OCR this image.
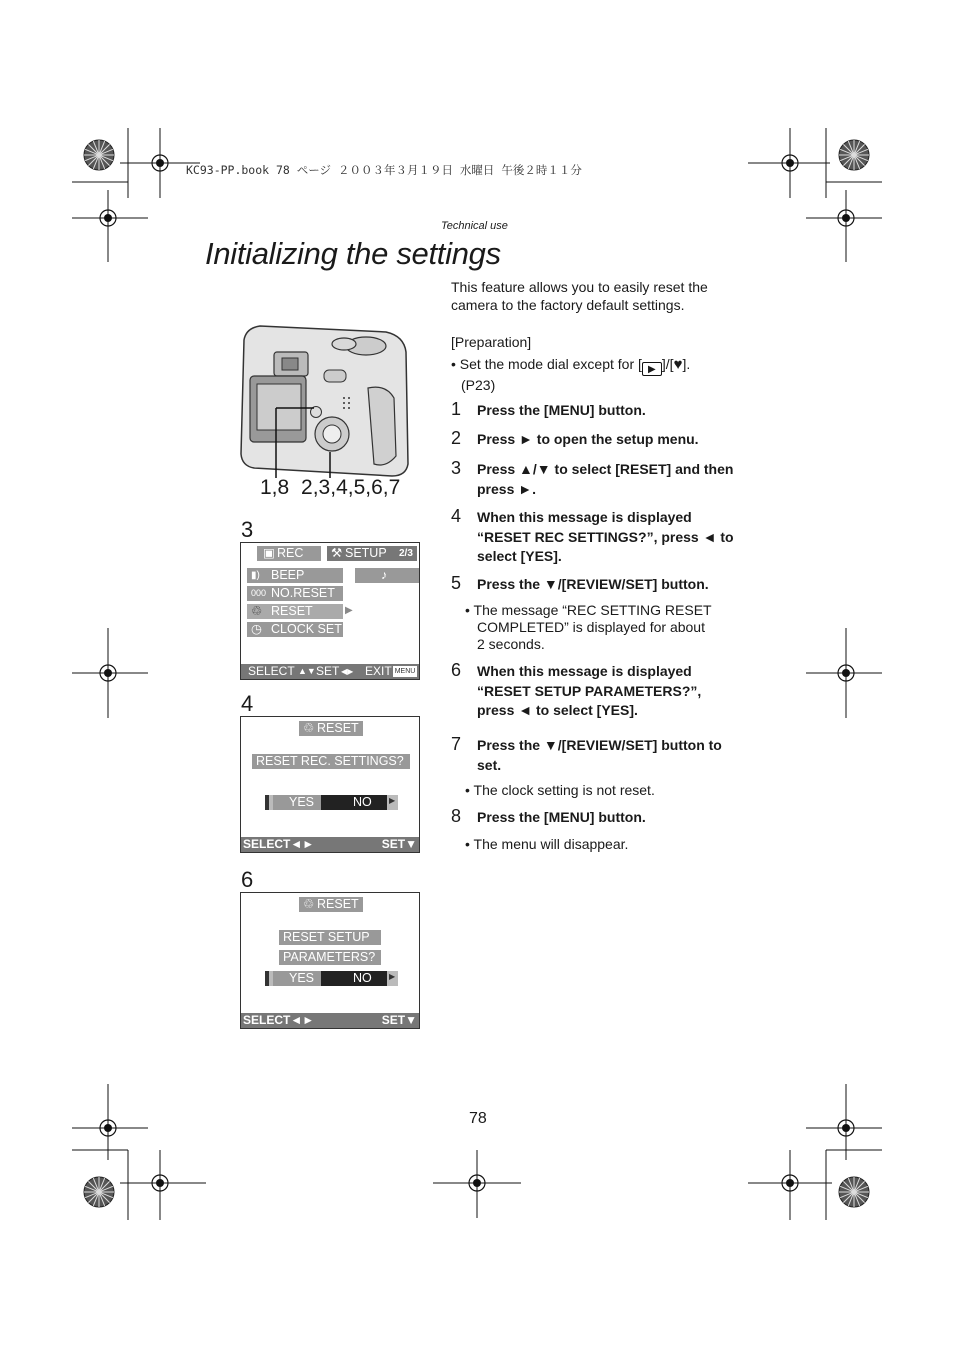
KC93-PP.book 78 ページ ２００３年３月１９日 水曜日 午後２時１１分
Technical use
Initializing the settings
This feature allows you to easily reset the
camera to the factory default settings.
[Preparation]
• Set the mode dial except for [ ▶ ]/[♥].
(P23)
1 Press the [MENU] button.
2 Press ► to open the setup menu.
3 Press ▲/▼ to select [RESET] and then
press ►.
4 When this message is displayed
“RESET REC SETTINGS?”, press ◄ to
select [YES].
5 Press the ▼/[REVIEW/SET] button.
• The message “REC SETTING RESET
COMPLETED” is displayed for about
2 seconds.
6 When this message is displayed
“RESET SETUP PARAMETERS?”,
press ◄ to select [YES].
7 Press the ▼/[REVIEW/SET] button to
set.
• The clock setting is not reset.
8 Press the [MENU] button.
• The menu will disappear.
1,8 2,3,4,5,6,7
3
▣ REC	⚒ SETUP	2/3
▮) BEEP	♪
000 NO.RESET
♲ RESET	▶
◷ CLOCK SET
SELECT ▲▼ SET ◀▶ EXIT MENU
4
♲ RESET
RESET REC. SETTINGS?
YES	NO ▶
SELECT◄►	SET▼
6
♲ RESET
RESET SETUP
PARAMETERS?
YES	NO ▶
SELECT◄►	SET▼
78
